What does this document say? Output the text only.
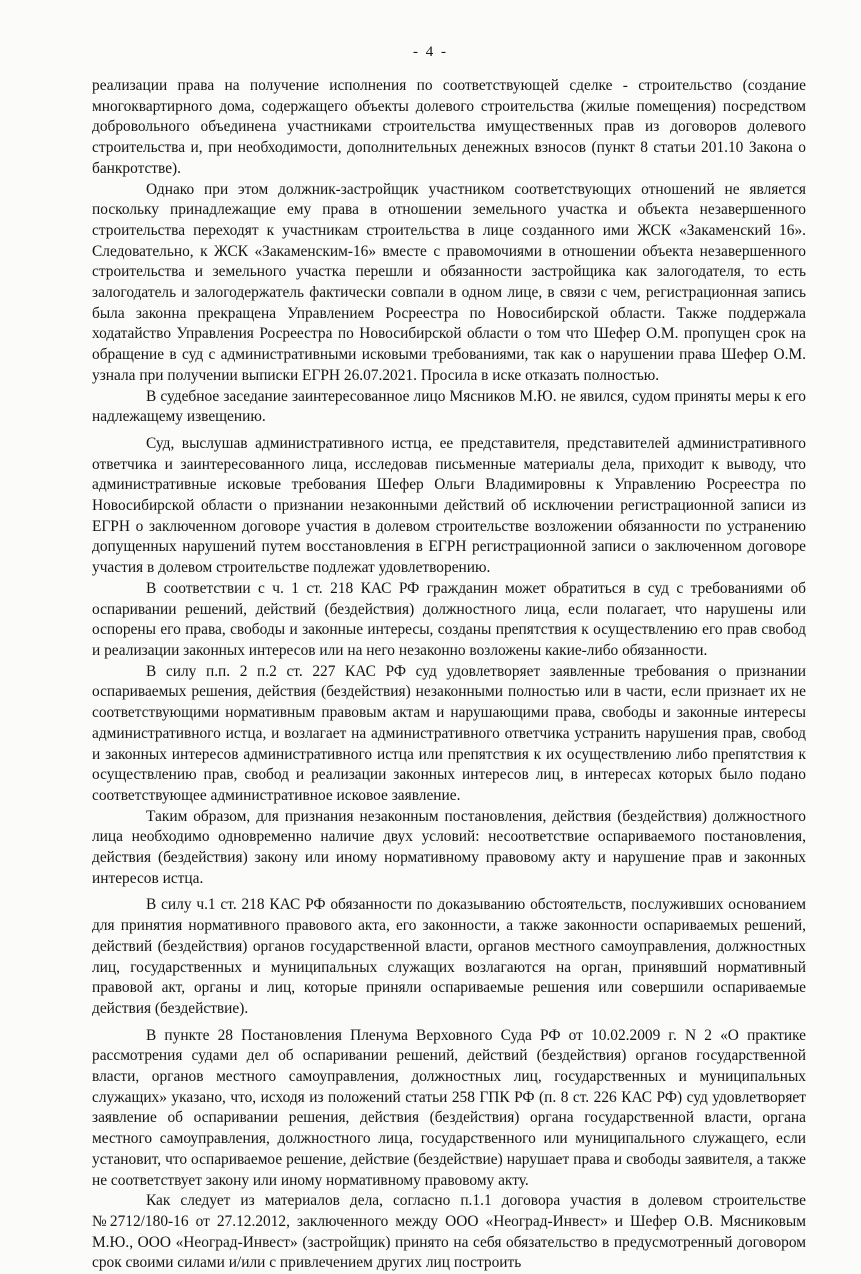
- 4 -

реализации права на получение исполнения по соответствующей сделке - строительство (создание многоквартирного дома, содержащего объекты долевого строительства (жилые помещения) посредством добровольного объединена участниками строительства имущественных прав из договоров долевого строительства и, при необходимости, дополнительных денежных взносов (пункт 8 статьи 201.10 Закона о банкротстве).

Однако при этом должник-застройщик участником соответствующих отношений не является поскольку принадлежащие ему права в отношении земельного участка и объекта незавершенного строительства переходят к участникам строительства в лице созданного ими ЖСК «Закаменский 16». Следовательно, к ЖСК «Закаменским-16» вместе с правомочиями в отношении объекта незавершенного строительства и земельного участка перешли и обязанности застройщика как залогодателя, то есть залогодатель и залогодержатель фактически совпали в одном лице, в связи с чем, регистрационная запись была законна прекращена Управлением Росреестра по Новосибирской области. Также поддержала ходатайство Управления Росреестра по Новосибирской области о том что Шефер О.М. пропущен срок на обращение в суд с административными исковыми требованиями, так как о нарушении права Шефер О.М. узнала при получении выписки ЕГРН 26.07.2021. Просила в иске отказать полностью.

В судебное заседание заинтересованное лицо Мясников М.Ю. не явился, судом приняты меры к его надлежащему извещению.

Суд, выслушав административного истца, ее представителя, представителей административного ответчика и заинтересованного лица, исследовав письменные материалы дела, приходит к выводу, что административные исковые требования Шефер Ольги Владимировны к Управлению Росреестра по Новосибирской области о признании незаконными действий об исключении регистрационной записи из ЕГРН о заключенном договоре участия в долевом строительстве возложении обязанности по устранению допущенных нарушений путем восстановления в ЕГРН регистрационной записи о заключенном договоре участия в долевом строительстве подлежат удовлетворению.

В соответствии с ч. 1 ст. 218 КАС РФ гражданин может обратиться в суд с требованиями об оспаривании решений, действий (бездействия) должностного лица, если полагает, что нарушены или оспорены его права, свободы и законные интересы, созданы препятствия к осуществлению его прав свобод и реализации законных интересов или на него незаконно возложены какие-либо обязанности.

В силу п.п. 2 п.2 ст. 227 КАС РФ суд удовлетворяет заявленные требования о признании оспариваемых решения, действия (бездействия) незаконными полностью или в части, если признает их не соответствующими нормативным правовым актам и нарушающими права, свободы и законные интересы административного истца, и возлагает на административного ответчика устранить нарушения прав, свобод и законных интересов административного истца или препятствия к их осуществлению либо препятствия к осуществлению прав, свобод и реализации законных интересов лиц, в интересах которых было подано соответствующее административное исковое заявление.

Таким образом, для признания незаконным постановления, действия (бездействия) должностного лица необходимо одновременно наличие двух условий: несоответствие оспариваемого постановления, действия (бездействия) закону или иному нормативному правовому акту и нарушение прав и законных интересов истца.

В силу ч.1 ст. 218 КАС РФ обязанности по доказыванию обстоятельств, послуживших основанием для принятия нормативного правового акта, его законности, а также законности оспариваемых решений, действий (бездействия) органов государственной власти, органов местного самоуправления, должностных лиц, государственных и муниципальных служащих возлагаются на орган, принявший нормативный правовой акт, органы и лиц, которые приняли оспариваемые решения или совершили оспариваемые действия (бездействие).

В пункте 28 Постановления Пленума Верховного Суда РФ от 10.02.2009 г. N 2 «О практике рассмотрения судами дел об оспаривании решений, действий (бездействия) органов государственной власти, органов местного самоуправления, должностных лиц, государственных и муниципальных служащих» указано, что, исходя из положений статьи 258 ГПК РФ (п. 8 ст. 226 КАС РФ) суд удовлетворяет заявление об оспаривании решения, действия (бездействия) органа государственной власти, органа местного самоуправления, должностного лица, государственного или муниципального служащего, если установит, что оспариваемое решение, действие (бездействие) нарушает права и свободы заявителя, а также не соответствует закону или иному нормативному правовому акту.

Как следует из материалов дела, согласно п.1.1 договора участия в долевом строительстве №2712/180-16 от 27.12.2012, заключенного между ООО «Неоград-Инвест» и Шефер О.В. Мясниковым М.Ю., ООО «Неоград-Инвест» (застройщик) принято на себя обязательство в предусмотренный договором срок своими силами и/или с привлечением других лиц построить
